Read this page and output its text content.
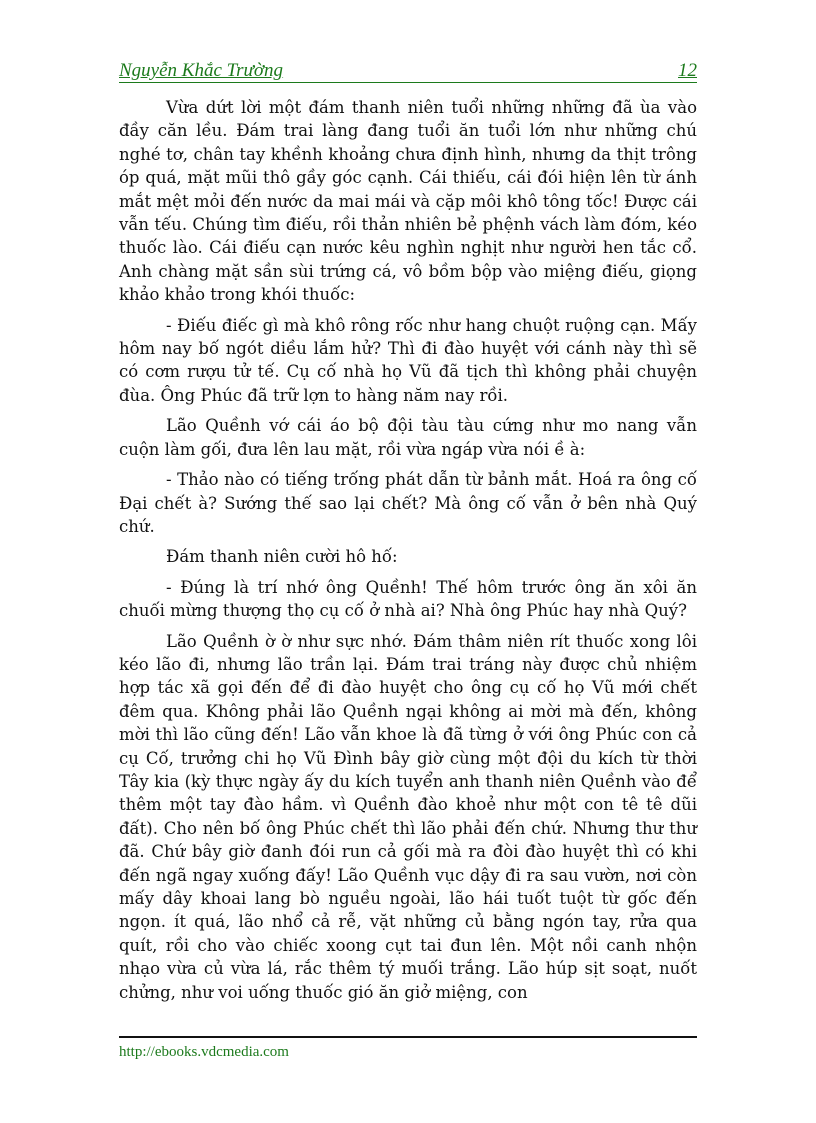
Nguyễn Khắc Trường	12

Vừa dứt lời một đám thanh niên tuổi những những đã ùa vào đầy căn lều. Đám trai làng đang tuổi ăn tuổi lớn như những chú nghé tơ, chân tay khềnh khoảng chưa định hình, nhưng da thịt trông óp quá, mặt mũi thô gầy góc cạnh. Cái thiếu, cái đói hiện lên từ ánh mắt mệt mỏi đến nước da mai mái và cặp môi khô tông tốc! Được cái vẫn tếu. Chúng tìm điếu, rồi thản nhiên bẻ phệnh vách làm đóm, kéo thuốc lào. Cái điếu cạn nước kêu nghìn nghịt như người hen tắc cổ. Anh chàng mặt sần sùi trứng cá, vô bồm bộp vào miệng điếu, giọng khảo khảo trong khói thuốc:

- Điếu điếc gì mà khô rông rốc như hang chuột ruộng cạn. Mấy hôm nay bố ngót diều lắm hử? Thì đi đào huyệt với cánh này thì sẽ có cơm rượu tử tế. Cụ cố nhà họ Vũ đã tịch thì không phải chuyện đùa. Ông Phúc đã trữ lợn to hàng năm nay rồi.

Lão Quềnh vớ cái áo bộ đội tàu tàu cứng như mo nang vẫn cuộn làm gối, đưa lên lau mặt, rồi vừa ngáp vừa nói ề à:

- Thảo nào có tiếng trống phát dẫn từ bảnh mắt. Hoá ra ông cố Đại chết à? Sướng thế sao lại chết? Mà ông cố vẫn ở bên nhà Quý chứ.

Đám thanh niên cười hô hố:

- Đúng là trí nhớ ông Quềnh! Thế hôm trước ông ăn xôi ăn chuối mừng thượng thọ cụ cố ở nhà ai? Nhà ông Phúc hay nhà Quý?

Lão Quềnh ờ ờ như sực nhớ. Đám thâm niên rít thuốc xong lôi kéo lão đi, nhưng lão trần lại. Đám trai tráng này được chủ nhiệm hợp tác xã gọi đến để đi đào huyệt cho ông cụ cố họ Vũ mới chết đêm qua. Không phải lão Quềnh ngại không ai mời mà đến, không mời thì lão cũng đến! Lão vẫn khoe là đã từng ở với ông Phúc con cả cụ Cố, trưởng chi họ Vũ Đình bây giờ cùng một đội du kích từ thời Tây kia (kỳ thực ngày ấy du kích tuyển anh thanh niên Quềnh vào để thêm một tay đào hầm. vì Quềnh đào khoẻ như một con tê tê dũi đất). Cho nên bố ông Phúc chết thì lão phải đến chứ. Nhưng thư thư đã. Chứ bây giờ đanh đói run cả gối mà ra đòi đào huyệt thì có khi đến ngã ngay xuống đấy! Lão Quềnh vục dậy đi ra sau vườn, nơi còn mấy dây khoai lang bò nguều ngoài, lão hái tuốt tuột từ gốc đến ngọn. ít quá, lão nhổ cả rễ, vặt những củ bằng ngón tay, rửa qua quít, rồi cho vào chiếc xoong cụt tai đun lên. Một nồi canh nhộn nhạo vừa củ vừa lá, rắc thêm tý muối trắng. Lão húp sịt soạt, nuốt chửng, như voi uống thuốc gió ăn giở miệng, con

http://ebooks.vdcmedia.com
